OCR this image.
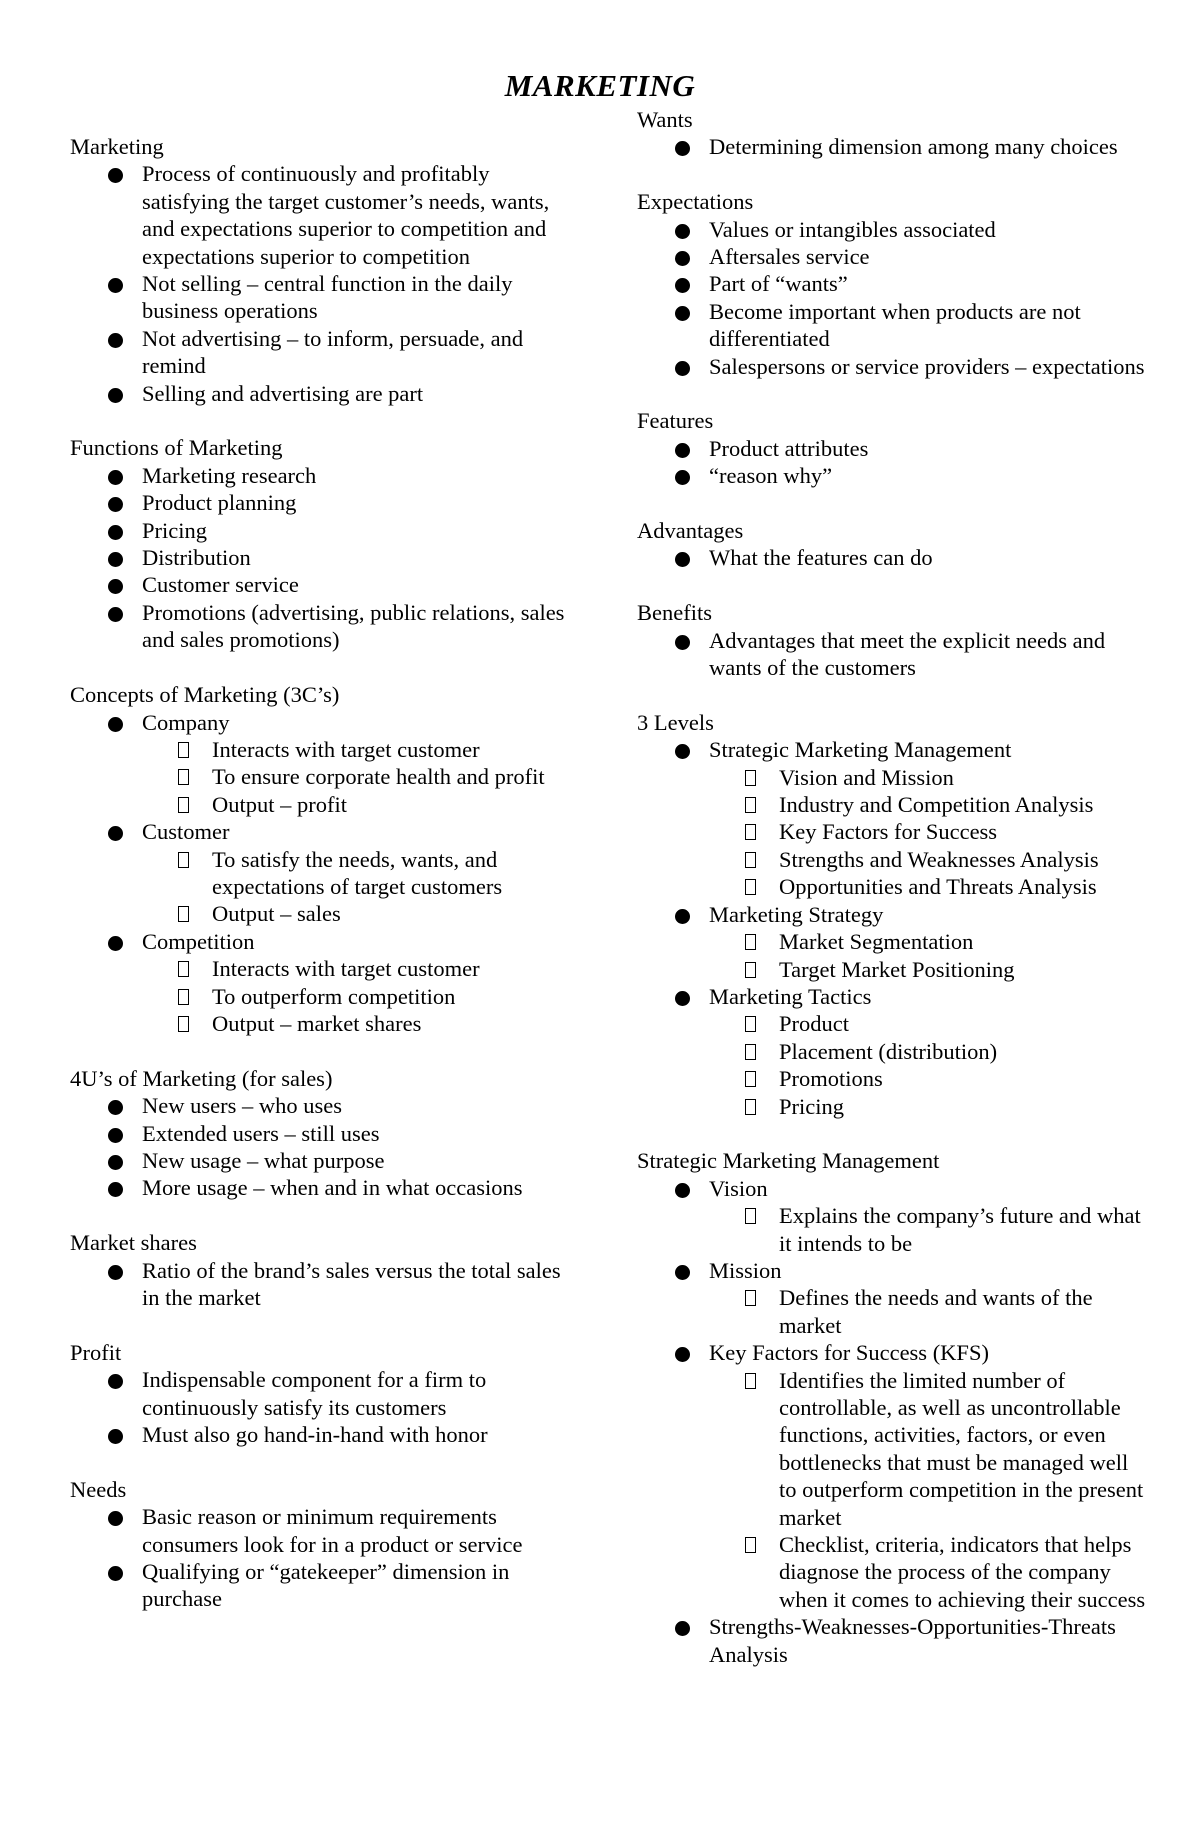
MARKETING
Marketing
Process of continuously and profitably satisfying the target customer’s needs, wants, and expectations superior to competition and expectations superior to competition
Not selling – central function in the daily business operations
Not advertising – to inform, persuade, and remind
Selling and advertising are part
Functions of Marketing
Marketing research
Product planning
Pricing
Distribution
Customer service
Promotions (advertising, public relations, sales and sales promotions)
Concepts of Marketing (3C’s)
Company
Interacts with target customer
To ensure corporate health and profit
Output – profit
Customer
To satisfy the needs, wants, and expectations of target customers
Output – sales
Competition
Interacts with target customer
To outperform competition
Output – market shares
4U’s of Marketing (for sales)
New users – who uses
Extended users – still uses
New usage – what purpose
More usage – when and in what occasions
Market shares
Ratio of the brand’s sales versus the total sales in the market
Profit
Indispensable component for a firm to continuously satisfy its customers
Must also go hand-in-hand with honor
Needs
Basic reason or minimum requirements consumers look for in a product or service
Qualifying or “gatekeeper” dimension in purchase
Wants
Determining dimension among many choices
Expectations
Values or intangibles associated
Aftersales service
Part of “wants”
Become important when products are not differentiated
Salespersons or service providers – expectations
Features
Product attributes
“reason why”
Advantages
What the features can do
Benefits
Advantages that meet the explicit needs and wants of the customers
3 Levels
Strategic Marketing Management
Vision and Mission
Industry and Competition Analysis
Key Factors for Success
Strengths and Weaknesses Analysis
Opportunities and Threats Analysis
Marketing Strategy
Market Segmentation
Target Market Positioning
Marketing Tactics
Product
Placement (distribution)
Promotions
Pricing
Strategic Marketing Management
Vision
Explains the company’s future and what it intends to be
Mission
Defines the needs and wants of the market
Key Factors for Success (KFS)
Identifies the limited number of controllable, as well as uncontrollable functions, activities, factors, or even bottlenecks that must be managed well to outperform competition in the present market
Checklist, criteria, indicators that helps diagnose the process of the company when it comes to achieving their success
Strengths-Weaknesses-Opportunities-Threats Analysis
